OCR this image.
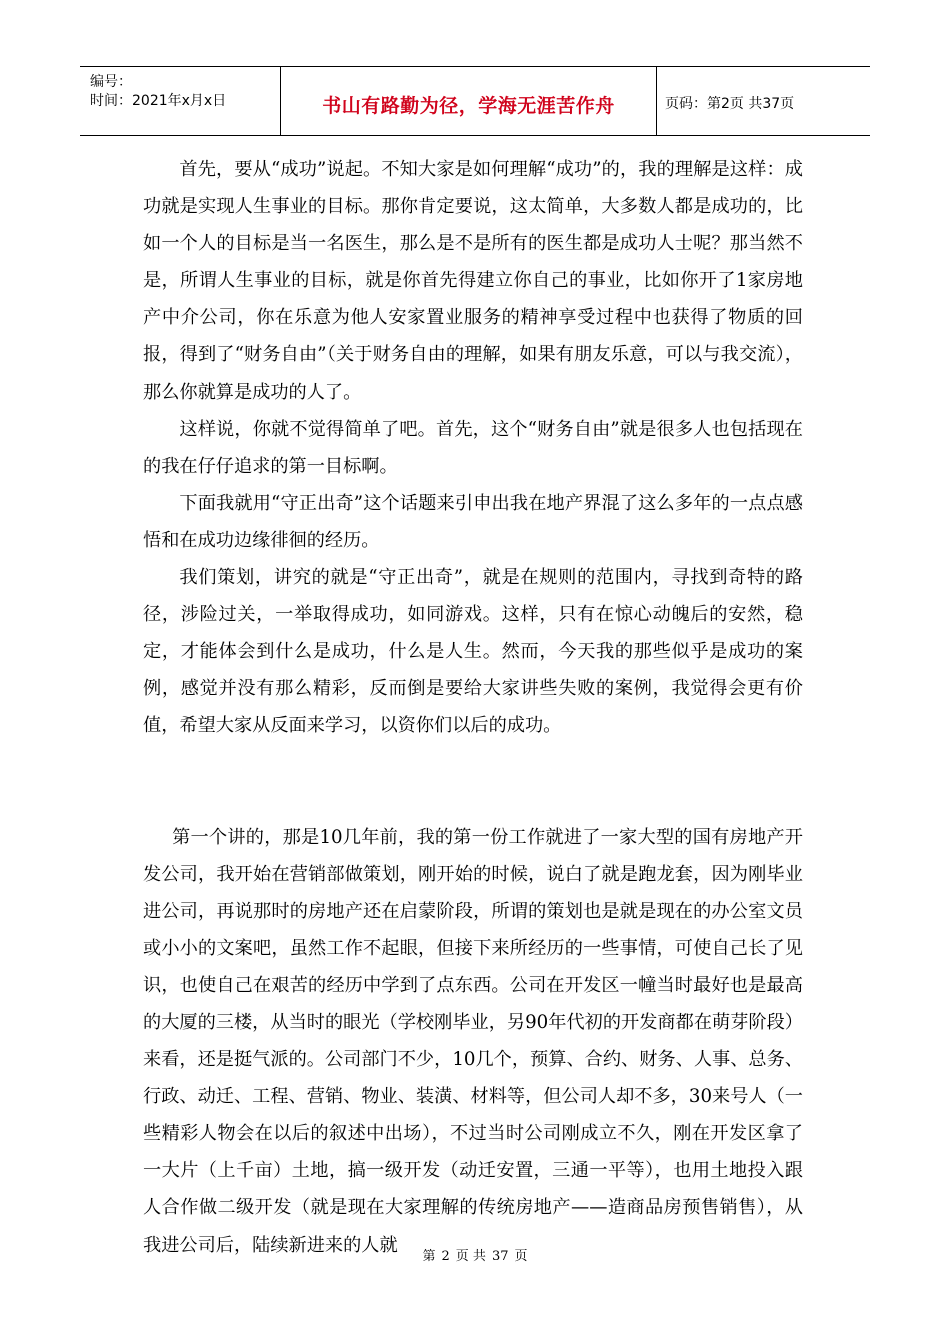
编号：
时间：2021年x月x日	书山有路勤为径，学海无涯苦作舟	页码：第2页 共37页

首先，要从“成功”说起。不知大家是如何理解“成功”的，我的理解是这样：成功就是实现人生事业的目标。那你肯定要说，这太简单，大多数人都是成功的，比如一个人的目标是当一名医生，那么是不是所有的医生都是成功人士呢？那当然不是，所谓人生事业的目标，就是你首先得建立你自己的事业，比如你开了1家房地产中介公司，你在乐意为他人安家置业服务的精神享受过程中也获得了物质的回报，得到了“财务自由”（关于财务自由的理解，如果有朋友乐意，可以与我交流），那么你就算是成功的人了。

这样说，你就不觉得简单了吧。首先，这个“财务自由”就是很多人也包括现在的我在仔仔追求的第一目标啊。

下面我就用“守正出奇”这个话题来引申出我在地产界混了这么多年的一点点感悟和在成功边缘徘徊的经历。

我们策划，讲究的就是“守正出奇”，就是在规则的范围内，寻找到奇特的路径，涉险过关，一举取得成功，如同游戏。这样，只有在惊心动魄后的安然，稳定，才能体会到什么是成功，什么是人生。然而，今天我的那些似乎是成功的案例，感觉并没有那么精彩，反而倒是要给大家讲些失败的案例，我觉得会更有价值，希望大家从反面来学习，以资你们以后的成功。

第一个讲的，那是10几年前，我的第一份工作就进了一家大型的国有房地产开发公司，我开始在营销部做策划，刚开始的时候，说白了就是跑龙套，因为刚毕业进公司，再说那时的房地产还在启蒙阶段，所谓的策划也是就是现在的办公室文员或小小的文案吧，虽然工作不起眼，但接下来所经历的一些事情，可使自己长了见识，也使自己在艰苦的经历中学到了点东西。公司在开发区一幢当时最好也是最高的大厦的三楼，从当时的眼光（学校刚毕业，另90年代初的开发商都在萌芽阶段）来看，还是挺气派的。公司部门不少，10几个，预算、合约、财务、人事、总务、行政、动迁、工程、营销、物业、装潢、材料等，但公司人却不多，30来号人（一些精彩人物会在以后的叙述中出场），不过当时公司刚成立不久，刚在开发区拿了一大片（上千亩）土地，搞一级开发（动迁安置，三通一平等），也用土地投入跟人合作做二级开发（就是现在大家理解的传统房地产——造商品房预售销售），从我进公司后，陆续新进来的人就

第 2 页 共 37 页
